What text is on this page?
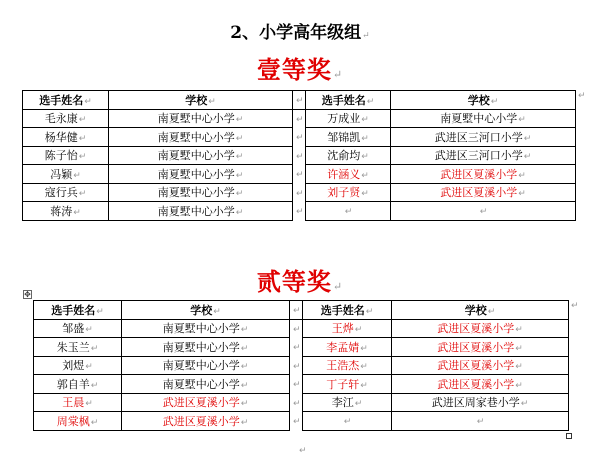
2、小学高年级组↵
壹等奖↵
选手姓名↵	学校↵	↵	选手姓名↵	学校↵
毛永康↵	南夏墅中心小学↵	↵	万成业↵	南夏墅中心小学↵
杨华健↵	南夏墅中心小学↵	↵	邹锦凯↵	武进区三河口小学↵
陈子怡↵	南夏墅中心小学↵	↵	沈俞均↵	武进区三河口小学↵
冯颖↵	南夏墅中心小学↵	↵	许涵义↵	武进区夏溪小学↵
寇行兵↵	南夏墅中心小学↵	↵	刘子贤↵	武进区夏溪小学↵
蒋涛↵	南夏墅中心小学↵	↵	↵	↵
↵
贰等奖↵
✥
选手姓名↵	学校↵	↵	选手姓名↵	学校↵
邹盛↵	南夏墅中心小学↵	↵	王烨↵	武进区夏溪小学↵
朱玉兰↵	南夏墅中心小学↵	↵	李孟婧↵	武进区夏溪小学↵
刘煜↵	南夏墅中心小学↵	↵	王浩杰↵	武进区夏溪小学↵
郭自羊↵	南夏墅中心小学↵	↵	丁子轩↵	武进区夏溪小学↵
王晨↵	武进区夏溪小学↵	↵	李江↵	武进区周家巷小学↵
周棠枫↵	武进区夏溪小学↵	↵	↵	↵
↵
↵
